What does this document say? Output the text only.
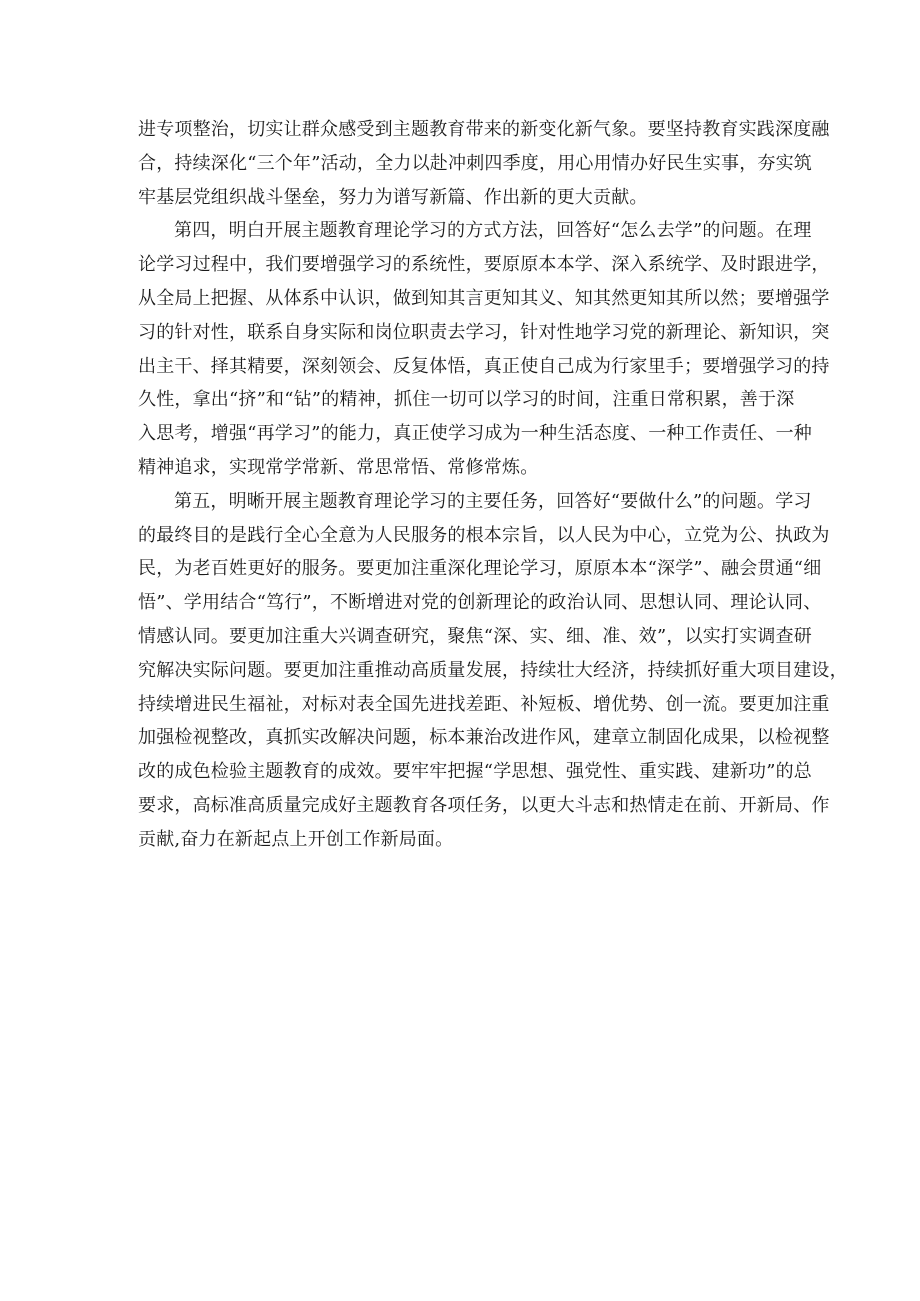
进专项整治，切实让群众感受到主题教育带来的新变化新气象。要坚持教育实践深度融
合，持续深化“三个年”活动，全力以赴冲刺四季度，用心用情办好民生实事，夯实筑
牢基层党组织战斗堡垒，努力为谱写新篇、作出新的更大贡献。
第四，明白开展主题教育理论学习的方式方法，回答好“怎么去学”的问题。在理
论学习过程中，我们要增强学习的系统性，要原原本本学、深入系统学、及时跟进学，
从全局上把握、从体系中认识，做到知其言更知其义、知其然更知其所以然；要增强学
习的针对性，联系自身实际和岗位职责去学习，针对性地学习党的新理论、新知识，突
出主干、择其精要，深刻领会、反复体悟，真正使自己成为行家里手；要增强学习的持
久性，拿出“挤”和“钻”的精神，抓住一切可以学习的时间，注重日常积累，善于深
入思考，增强“再学习”的能力，真正使学习成为一种生活态度、一种工作责任、一种
精神追求，实现常学常新、常思常悟、常修常炼。
第五，明晰开展主题教育理论学习的主要任务，回答好“要做什么”的问题。学习
的最终目的是践行全心全意为人民服务的根本宗旨，以人民为中心，立党为公、执政为
民，为老百姓更好的服务。要更加注重深化理论学习，原原本本“深学”、融会贯通“细
悟”、学用结合“笃行”，不断增进对党的创新理论的政治认同、思想认同、理论认同、
情感认同。要更加注重大兴调查研究，聚焦“深、实、细、准、效”，以实打实调查研
究解决实际问题。要更加注重推动高质量发展，持续壮大经济，持续抓好重大项目建设，
持续增进民生福祉，对标对表全国先进找差距、补短板、增优势、创一流。要更加注重
加强检视整改，真抓实改解决问题，标本兼治改进作风，建章立制固化成果，以检视整
改的成色检验主题教育的成效。要牢牢把握“学思想、强党性、重实践、建新功”的总
要求，高标准高质量完成好主题教育各项任务，以更大斗志和热情走在前、开新局、作
贡献,奋力在新起点上开创工作新局面。
